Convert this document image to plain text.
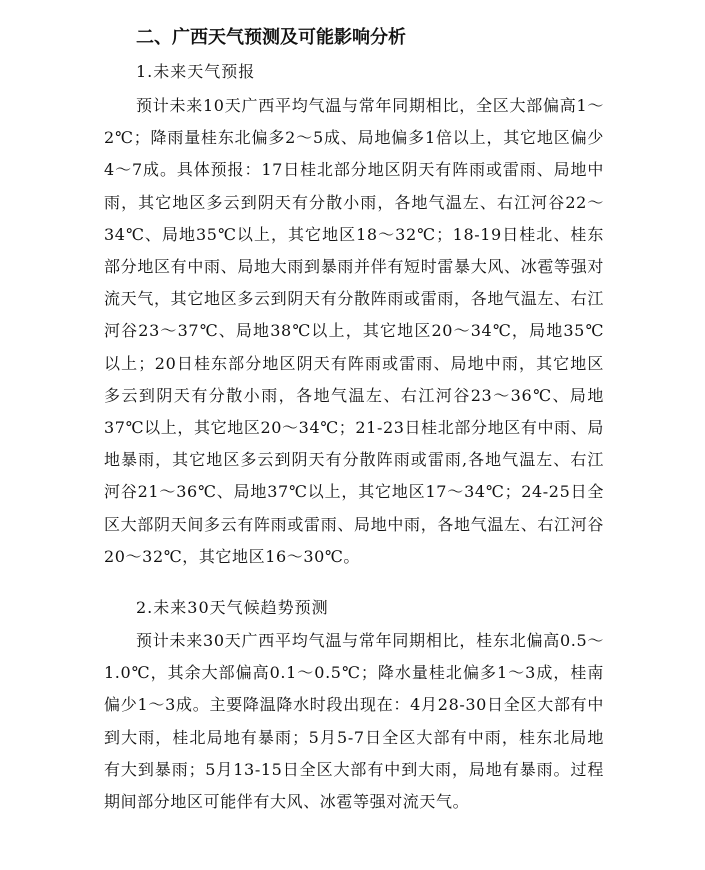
二、广西天气预测及可能影响分析
1.未来天气预报
预计未来10天广西平均气温与常年同期相比，全区大部偏高1～2℃；降雨量桂东北偏多2～5成、局地偏多1倍以上，其它地区偏少4～7成。具体预报：17日桂北部分地区阴天有阵雨或雷雨、局地中雨，其它地区多云到阴天有分散小雨，各地气温左、右江河谷22～34℃、局地35℃以上，其它地区18～32℃；18-19日桂北、桂东部分地区有中雨、局地大雨到暴雨并伴有短时雷暴大风、冰雹等强对流天气，其它地区多云到阴天有分散阵雨或雷雨，各地气温左、右江河谷23～37℃、局地38℃以上，其它地区20～34℃，局地35℃以上；20日桂东部分地区阴天有阵雨或雷雨、局地中雨，其它地区多云到阴天有分散小雨，各地气温左、右江河谷23～36℃、局地37℃以上，其它地区20～34℃；21-23日桂北部分地区有中雨、局地暴雨，其它地区多云到阴天有分散阵雨或雷雨,各地气温左、右江河谷21～36℃、局地37℃以上，其它地区17～34℃；24-25日全区大部阴天间多云有阵雨或雷雨、局地中雨，各地气温左、右江河谷20～32℃，其它地区16～30℃。
2.未来30天气候趋势预测
预计未来30天广西平均气温与常年同期相比，桂东北偏高0.5～1.0℃，其余大部偏高0.1～0.5℃；降水量桂北偏多1～3成，桂南偏少1～3成。主要降温降水时段出现在：4月28-30日全区大部有中到大雨，桂北局地有暴雨；5月5-7日全区大部有中雨，桂东北局地有大到暴雨；5月13-15日全区大部有中到大雨，局地有暴雨。过程期间部分地区可能伴有大风、冰雹等强对流天气。
